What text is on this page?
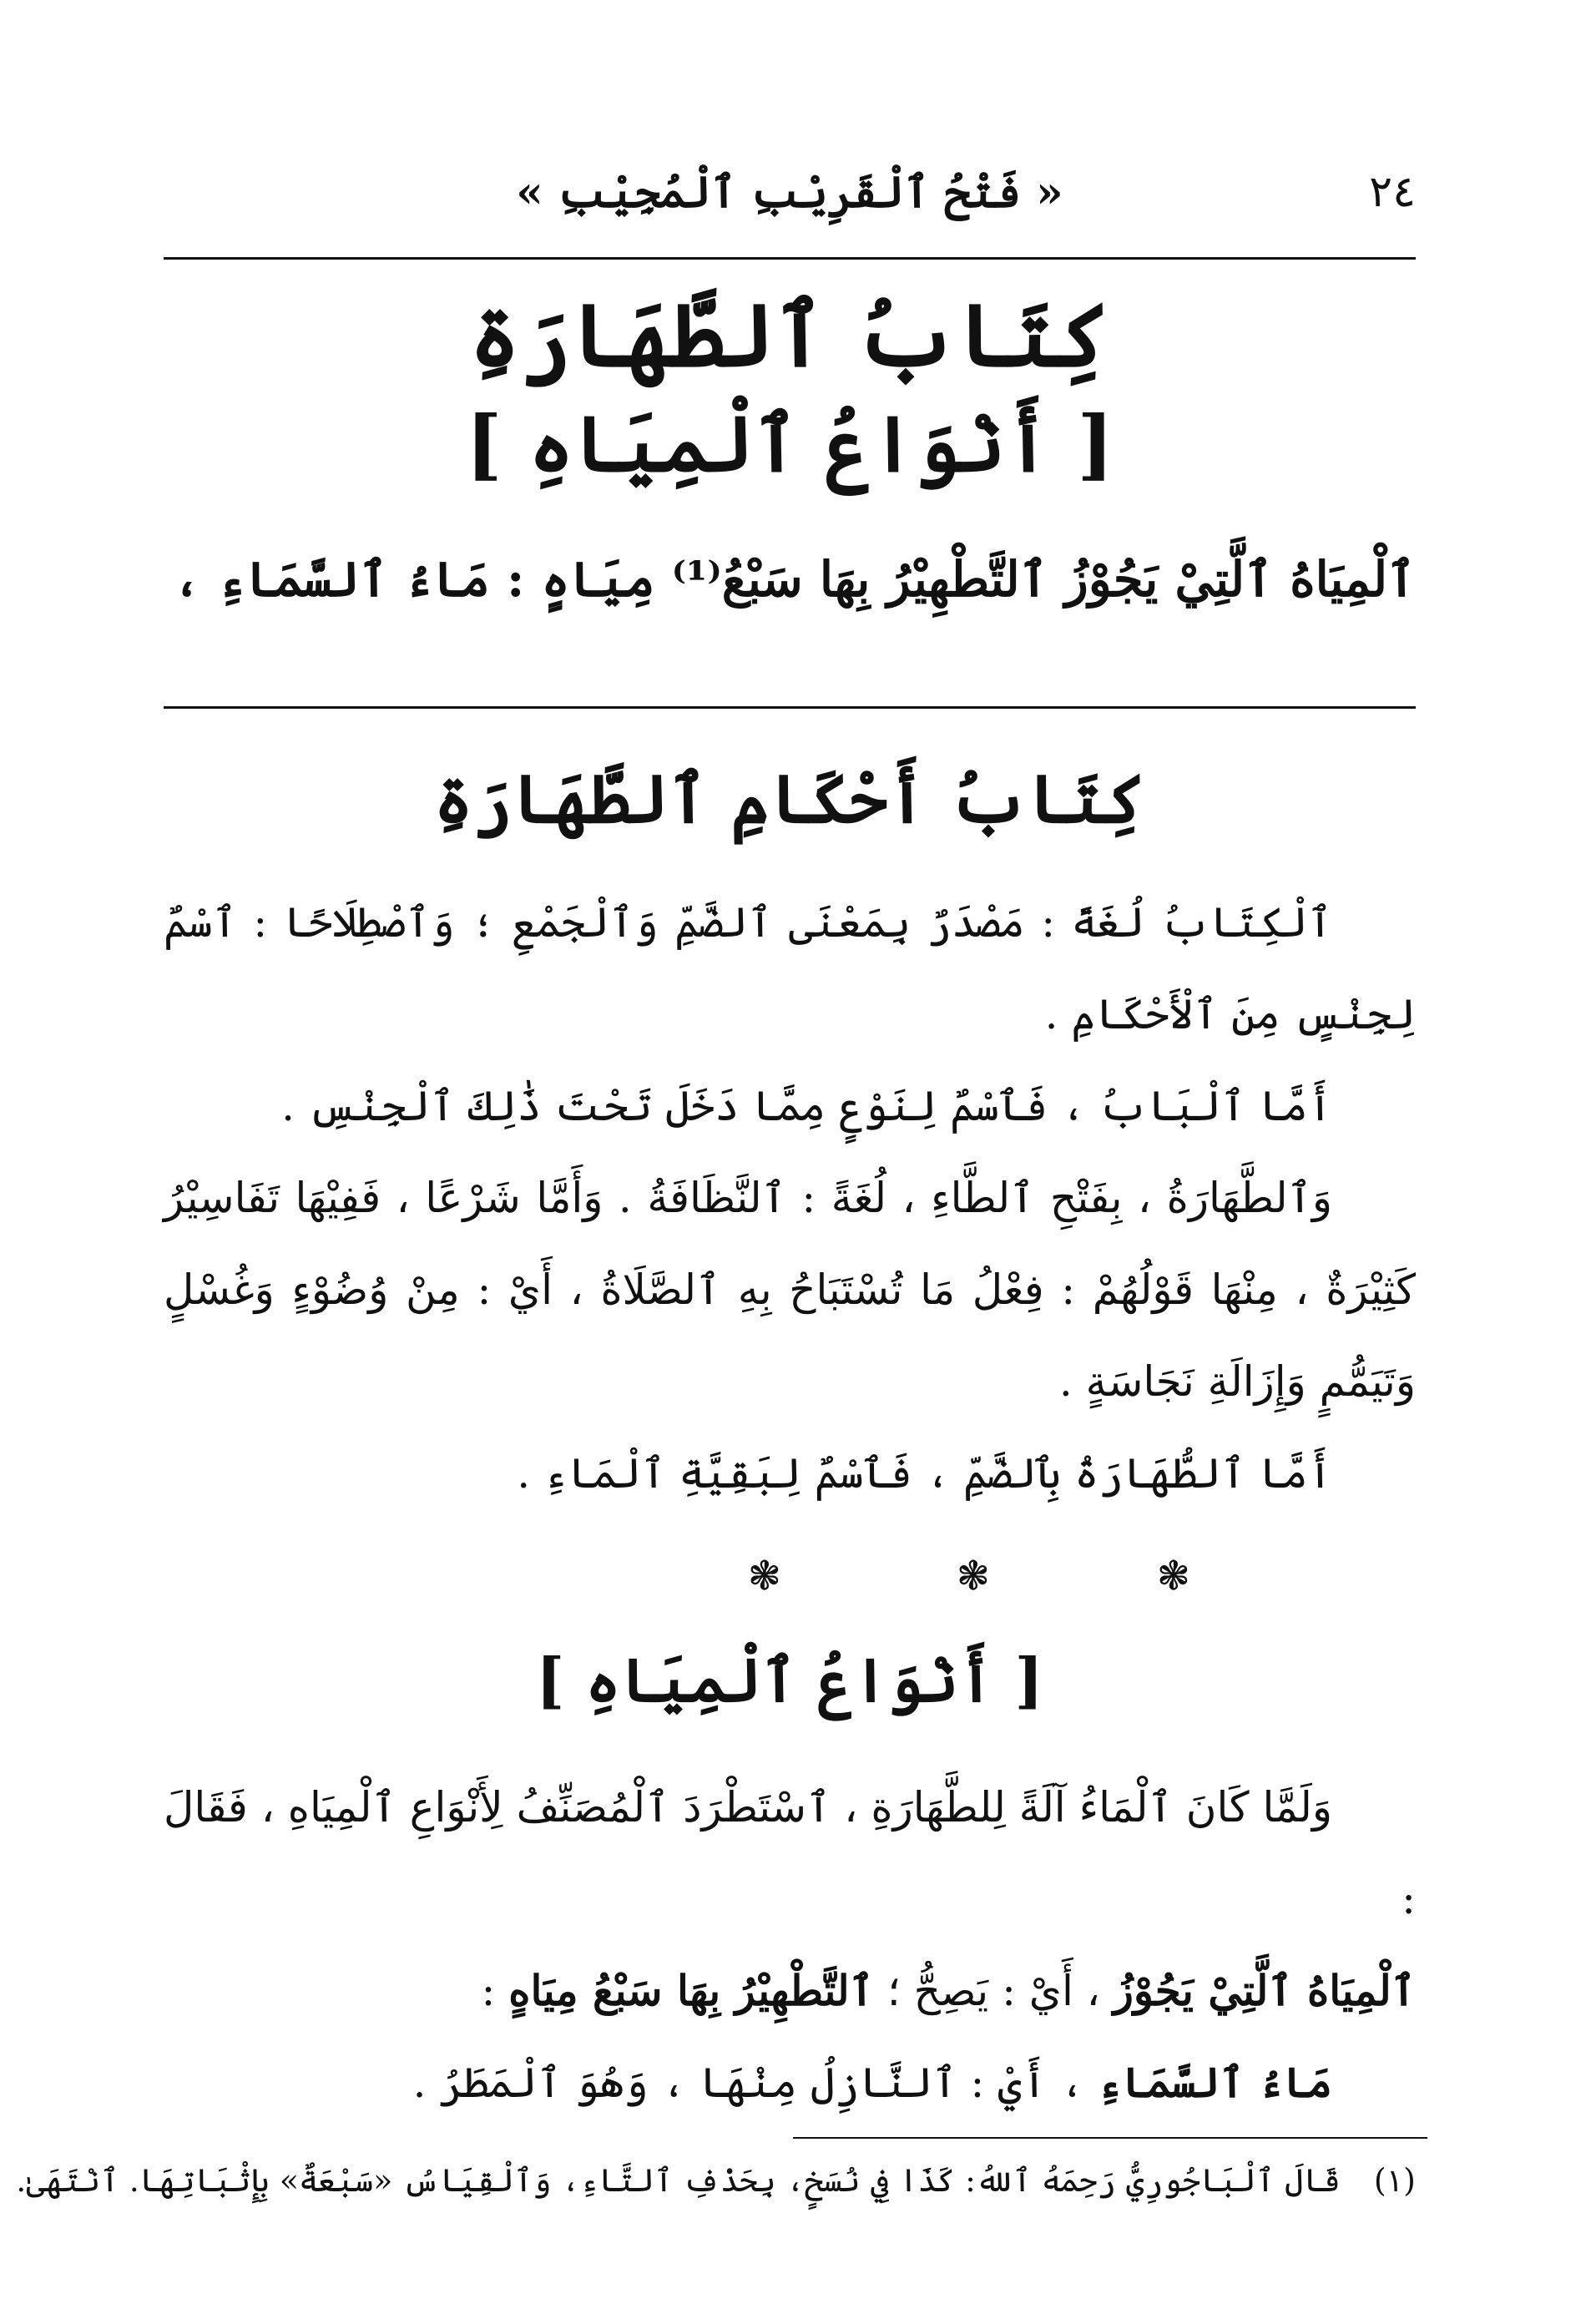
٢٤
« فَتْحُ ٱلْقَرِيْبِ ٱلْمُجِيْبِ »
كِتَابُ ٱلطَّهَارَةِ
[ أَنْوَاعُ ٱلْمِيَاهِ ]
ٱلْمِيَاهُ ٱلَّتِيْ يَجُوْزُ ٱلتَّطْهِيْرُ بِهَا سَبْعُ⁽¹⁾ مِيَاهٍ : مَاءُ ٱلسَّمَاءِ ،
كِتَابُ أَحْكَامِ ٱلطَّهَارَةِ

ٱلْكِتَابُ لُغَةً : مَصْدَرٌ بِمَعْنَى ٱلضَّمِّ وَٱلْجَمْعِ ؛ وَٱصْطِلَاحًا : ٱسْمٌ لِجِنْسٍ مِنَ ٱلْأَحْكَامِ .

أَمَّا ٱلْبَابُ ، فَٱسْمٌ لِنَوْعٍ مِمَّا دَخَلَ تَحْتَ ذَٰلِكَ ٱلْجِنْسِ .

وَٱلطَّهَارَةُ ، بِفَتْحِ ٱلطَّاءِ ، لُغَةً : ٱلنَّظَافَةُ . وَأَمَّا شَرْعًا ، فَفِيْهَا تَفَاسِيْرُ كَثِيْرَةٌ ، مِنْهَا قَوْلُهُمْ : فِعْلُ مَا تُسْتَبَاحُ بِهِ ٱلصَّلَاةُ ، أَيْ : مِنْ وُضُوْءٍ وَغُسْلٍ وَتَيَمُّمٍ وَإِزَالَةِ نَجَاسَةٍ .

أَمَّا ٱلطُّهَارَةُ بِٱلضَّمِّ ، فَٱسْمٌ لِبَقِيَّةِ ٱلْمَاءِ .

❃
❃
❃
[ أَنْوَاعُ ٱلْمِيَاهِ ]

وَلَمَّا كَانَ ٱلْمَاءُ آلَةً لِلطَّهَارَةِ ، ٱسْتَطْرَدَ ٱلْمُصَنِّفُ لِأَنْوَاعِ ٱلْمِيَاهِ ، فَقَالَ :

ٱلْمِيَاهُ ٱلَّتِيْ يَجُوْزُ ، أَيْ : يَصِحُّ ؛ ٱلتَّطْهِيْرُ بِهَا سَبْعُ مِيَاهٍ :

مَاءُ ٱلسَّمَاءِ ، أَيْ : ٱلنَّازِلُ مِنْهَا ، وَهُوَ ٱلْمَطَرُ .

(١)قَالَ ٱلْبَاجُورِيُّ رَحِمَهُ ٱللهُ: كَذَا فِي نُسَخٍ، بِحَذْفِ ٱلتَّاءِ، وَٱلْقِيَاسُ «سَبْعَةٌ» بِإِثْبَاتِهَا. ٱنْتَهَىٰ.
